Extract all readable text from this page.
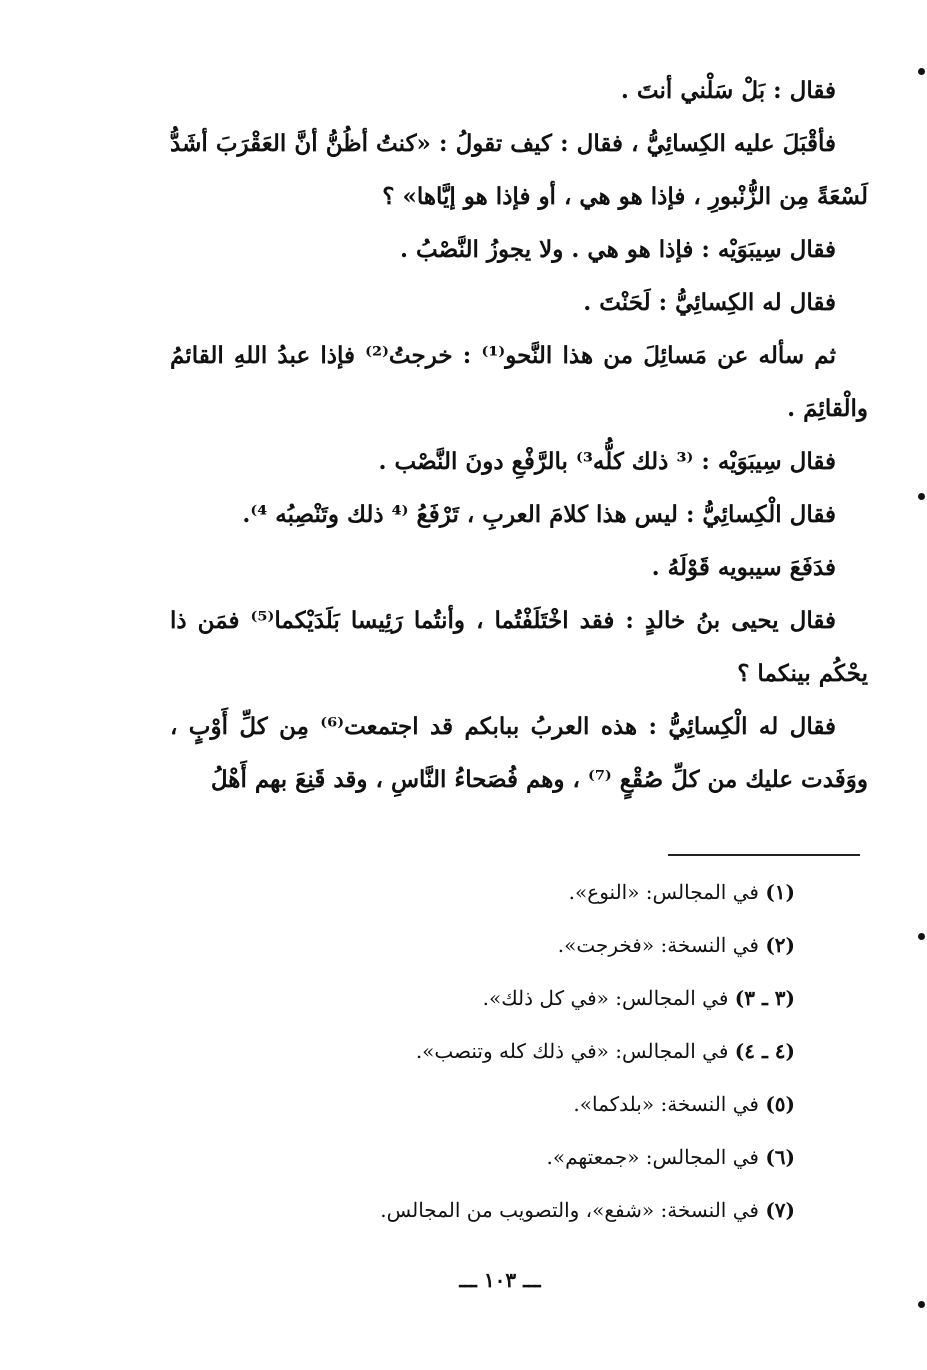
فقال : بَلْ سَلْني أنتَ .

فأقْبَلَ عليه الكِسائِيُّ ، فقال : كيف تقولُ : «كنتُ أظُنُّ أنَّ العَقْرَبَ أشَدُّ لَسْعَةً مِن الزُّنْبورِ ، فإذا هو هي ، أو فإذا هو إيَّاها» ؟

فقال سِيبَوَيْه : فإذا هو هي . ولا يجوزُ النَّصْبُ .

فقال له الكِسائِيُّ : لَحَنْتَ .

ثم سأله عن مَسائِلَ من هذا النَّحو⁽¹⁾ : خرجتُ⁽²⁾ فإذا عبدُ اللهِ القائمُ والْقائِمَ .

فقال سِيبَوَيْه : ⁽³ ذلك كلُّه³⁾ بالرَّفْعِ دونَ النَّصْب .

فقال الْكِسائِيُّ : ليس هذا كلامَ العربِ ، تَرْفَعُ ⁽⁴ ذلك وتَنْصِبُه ⁴⁾.

فدَفَعَ سيبويه قَوْلَهُ .

فقال يحيى بنُ خالدٍ : فقد اخْتَلَفْتُما ، وأنتُما رَئِيسا بَلَدَيْكما⁽⁵⁾ فمَن ذا يحْكُم بينكما ؟

فقال له الْكِسائِيُّ : هذه العربُ ببابكم قد اجتمعت⁽⁶⁾ مِن كلِّ أَوْبٍ ، ووَفَدت عليك من كلِّ صُقْعٍ ⁽⁷⁾ ، وهم فُصَحاءُ النَّاسِ ، وقد قَنِعَ بهم أَهْلُ

(١) في المجالس: «النوع».
(٢) في النسخة: «فخرجت».
(٣ ـ ٣) في المجالس: «في كل ذلك».
(٤ ـ ٤) في المجالس: «في ذلك كله وتنصب».
(٥) في النسخة: «بلدكما».
(٦) في المجالس: «جمعتهم».
(٧) في النسخة: «شفع»، والتصويب من المجالس.
ـــ ١٠٣ ـــ
